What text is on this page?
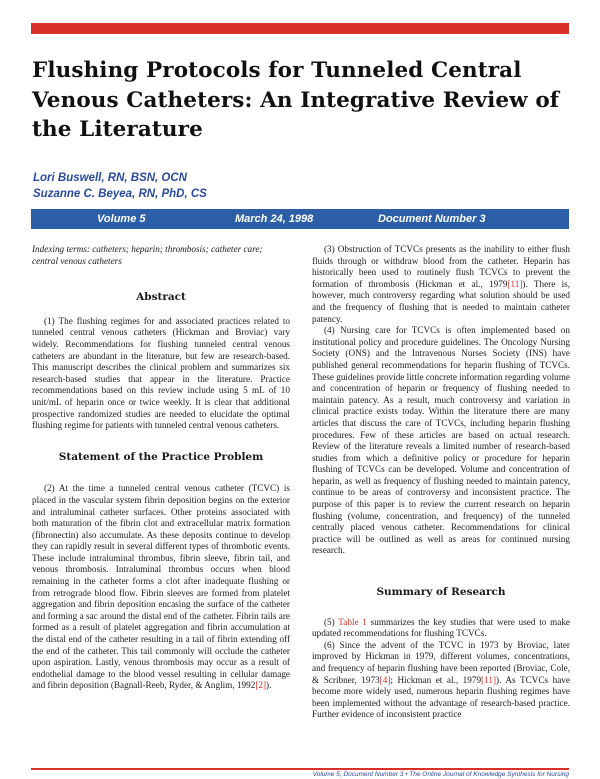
Flushing Protocols for Tunneled Central Venous Catheters: An Integrative Review of the Literature
Lori Buswell, RN, BSN, OCN
Suzanne C. Beyea, RN, PhD, CS
Volume 5	March 24, 1998	Document Number 3

Indexing terms: catheters; heparin; thrombosis; catheter care; central venous catheters

Abstract

(1) The flushing regimes for and associated practices related to tunneled central venous catheters (Hickman and Broviac) vary widely. Recommendations for flushing tunneled central venous catheters are abundant in the literature, but few are research-based. This manuscript describes the clinical problem and summarizes six research-based studies that appear in the literature. Practice recommendations based on this review include using 5 mL of 10 unit/mL of heparin once or twice weekly. It is clear that additional prospective randomized studies are needed to elucidate the optimal flushing regime for patients with tunneled central venous catheters.

Statement of the Practice Problem

(2) At the time a tunneled central venous catheter (TCVC) is placed in the vascular system fibrin deposition begins on the exterior and intraluminal catheter surfaces. Other proteins associated with both maturation of the fibrin clot and extracellular matrix formation (fibronectin) also accumulate. As these deposits continue to develop they can rapidly result in several different types of thrombotic events. These include intraluminal thrombus, fibrin sleeve, fibrin tail, and venous thrombosis. Intraluminal thrombus occurs when blood remaining in the catheter forms a clot after inadequate flushing or from retrograde blood flow. Fibrin sleeves are formed from platelet aggregation and fibrin deposition encasing the surface of the catheter and forming a sac around the distal end of the catheter. Fibrin tails are formed as a result of platelet aggregation and fibrin accumulation at the distal end of the catheter resulting in a tail of fibrin extending off the end of the catheter. This tail commonly will occlude the catheter upon aspiration. Lastly, venous thrombosis may occur as a result of endothelial damage to the blood vessel resulting in cellular damage and fibrin deposition (Bagnall-Reeb, Ryder, & Anglim, 1992[2]).

(3) Obstruction of TCVCs presents as the inability to either flush fluids through or withdraw blood from the catheter. Heparin has historically been used to routinely flush TCVCs to prevent the formation of thrombosis (Hickman et al., 1979[11]). There is, however, much controversy regarding what solution should be used and the frequency of flushing that is needed to maintain catheter patency.

(4) Nursing care for TCVCs is often implemented based on institutional policy and procedure guidelines. The Oncology Nursing Society (ONS) and the Intravenous Nurses Society (INS) have published general recommendations for heparin flushing of TCVCs. These guidelines provide little concrete information regarding volume and concentration of heparin or frequency of flushing needed to maintain patency. As a result, much controversy and variation in clinical practice exists today. Within the literature there are many articles that discuss the care of TCVCs, including heparin flushing procedures. Few of these articles are based on actual research. Review of the literature reveals a limited number of research-based studies from which a definitive policy or procedure for heparin flushing of TCVCs can be developed. Volume and concentration of heparin, as well as frequency of flushing needed to maintain patency, continue to be areas of controversy and inconsistent practice. The purpose of this paper is to review the current research on heparin flushing (volume, concentration, and frequency) of the tunneled centrally placed venous catheter. Recommendations for clinical practice will be outlined as well as areas for continued nursing research.

Summary of Research

(5) Table 1 summarizes the key studies that were used to make updated recommendations for flushing TCVCs.

(6) Since the advent of the TCVC in 1973 by Broviac, later improved by Hickman in 1979, different volumes, concentrations, and frequency of heparin flushing have been reported (Broviac, Cole, & Scribner, 1973[4]; Hickman et al., 1979[11]). As TCVCs have become more widely used, numerous heparin flushing regimes have been implemented without the advantage of research-based practice. Further evidence of inconsistent practice

Volume 5, Document Number 3 • The Online Journal of Knowledge Synthesis for Nursing
